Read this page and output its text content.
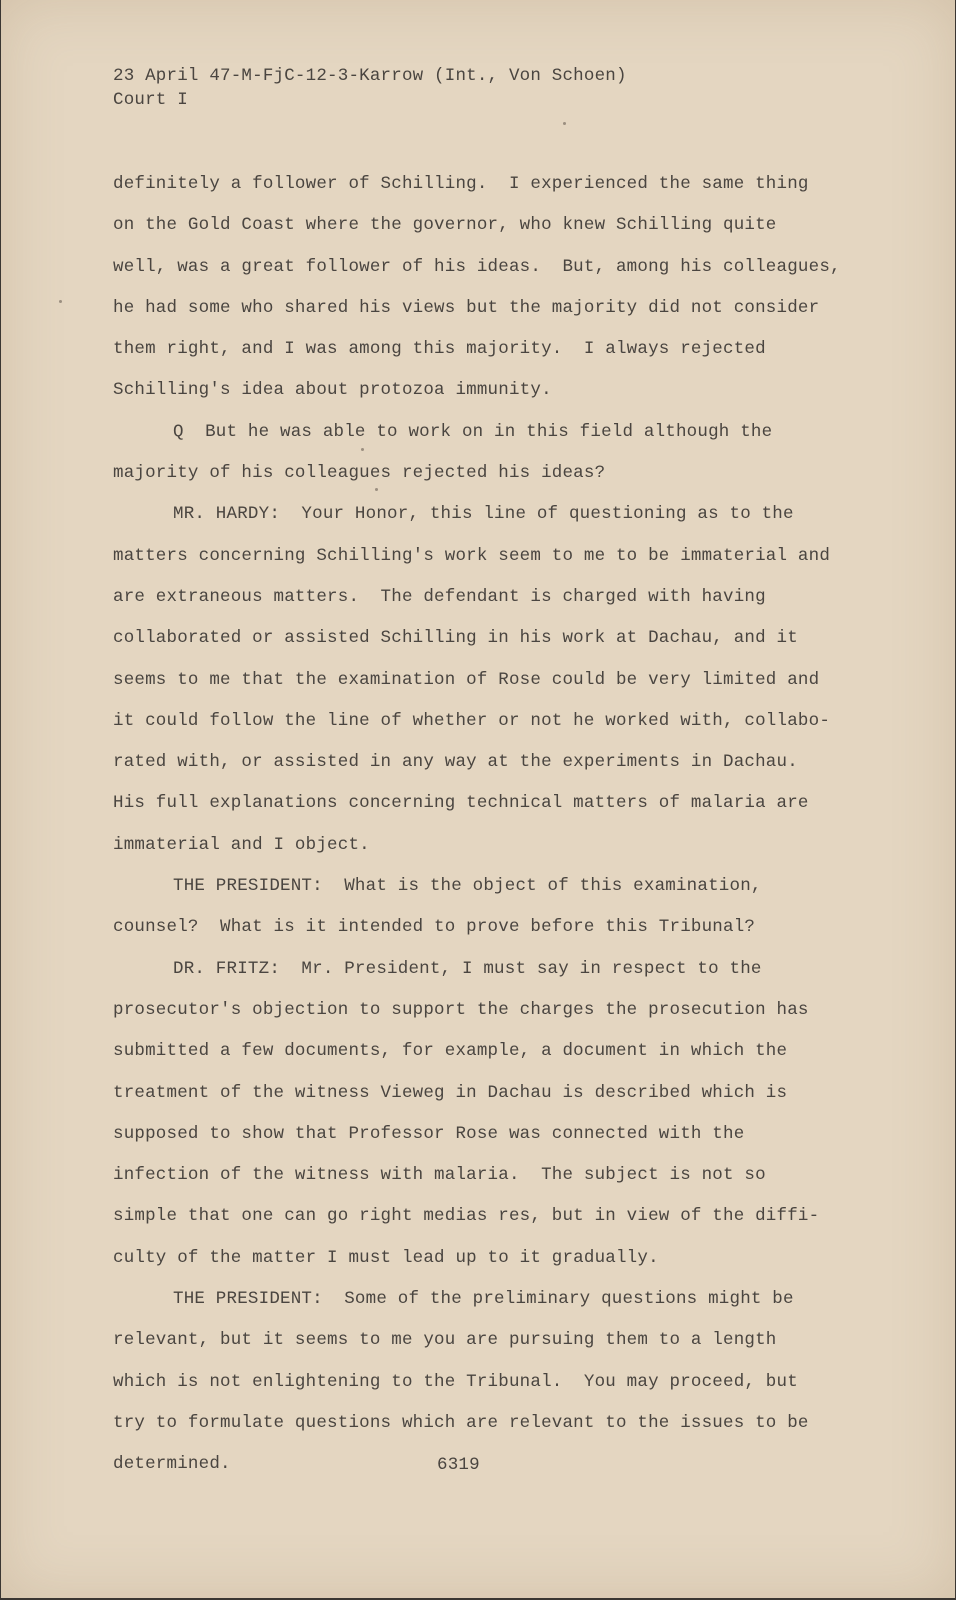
23 April 47-M-FjC-12-3-Karrow (Int., Von Schoen)
Court I
definitely a follower of Schilling.  I experienced the same thing
on the Gold Coast where the governor, who knew Schilling quite
well, was a great follower of his ideas.  But, among his colleagues,
he had some who shared his views but the majority did not consider
them right, and I was among this majority.  I always rejected
Schilling's idea about protozoa immunity.
Q  But he was able to work on in this field although the
majority of his colleagues rejected his ideas?
MR. HARDY:  Your Honor, this line of questioning as to the
matters concerning Schilling's work seem to me to be immaterial and
are extraneous matters.  The defendant is charged with having
collaborated or assisted Schilling in his work at Dachau, and it
seems to me that the examination of Rose could be very limited and
it could follow the line of whether or not he worked with, collabo-
rated with, or assisted in any way at the experiments in Dachau.
His full explanations concerning technical matters of malaria are
immaterial and I object.
THE PRESIDENT:  What is the object of this examination,
counsel?  What is it intended to prove before this Tribunal?
DR. FRITZ:  Mr. President, I must say in respect to the
prosecutor's objection to support the charges the prosecution has
submitted a few documents, for example, a document in which the
treatment of the witness Vieweg in Dachau is described which is
supposed to show that Professor Rose was connected with the
infection of the witness with malaria.  The subject is not so
simple that one can go right medias res, but in view of the diffi-
culty of the matter I must lead up to it gradually.
THE PRESIDENT:  Some of the preliminary questions might be
relevant, but it seems to me you are pursuing them to a length
which is not enlightening to the Tribunal.  You may proceed, but
try to formulate questions which are relevant to the issues to be
determined.	6319
